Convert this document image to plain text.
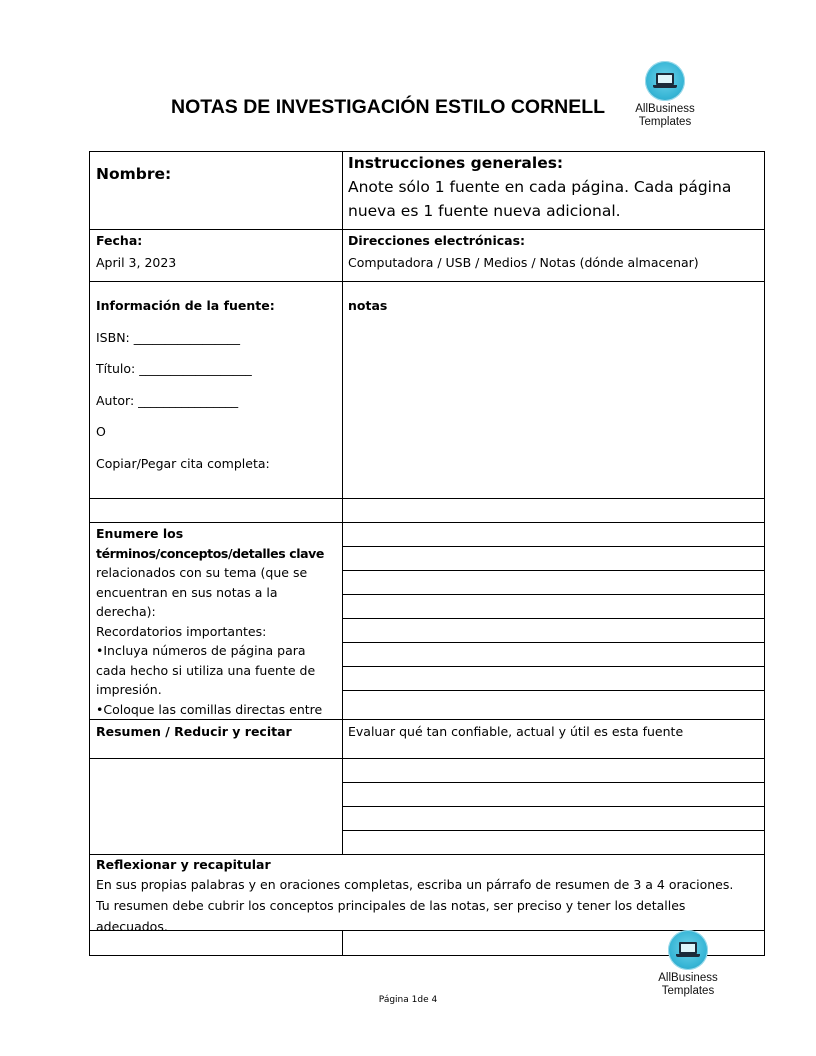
NOTAS DE INVESTIGACIÓN ESTILO CORNELL	AllBusiness
Templates
Nombre:

Instrucciones generales:

Anote sólo 1 fuente en cada página. Cada página nueva es 1 fuente nueva adicional.

Fecha:

April 3, 2023

Direcciones electrónicas:

Computadora / USB / Medios / Notas (dónde almacenar)

Información de la fuente:

ISBN: _________________

Título: __________________

Autor: ________________

O

Copiar/Pegar cita completa:

notas

Enumere los

términos/conceptos/detalles clave

relacionados con su tema (que se encuentran en sus notas a la derecha):

Recordatorios importantes:

•Incluya números de página para cada hecho si utiliza una fuente de impresión.

•Coloque las comillas directas entre

Resumen / Reducir y recitar	Evaluar qué tan confiable, actual y útil es esta fuente

Reflexionar y recapitular

En sus propias palabras y en oraciones completas, escriba un párrafo de resumen de 3 a 4 oraciones.

Tu resumen debe cubrir los conceptos principales de las notas, ser preciso y tener los detalles

adecuados.

AllBusiness
Templates
Página 1de 4
